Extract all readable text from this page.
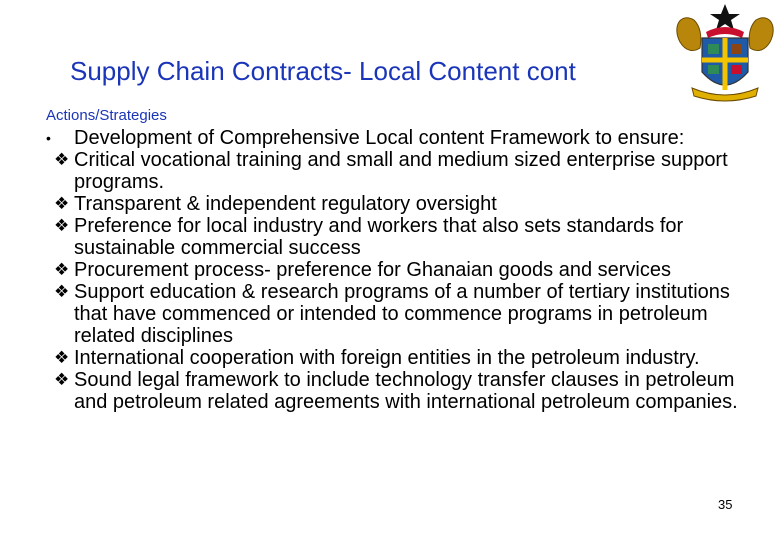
Supply Chain Contracts- Local Content cont
Actions/Strategies
• Development of Comprehensive Local content Framework to ensure:
❖ Critical vocational training and small and medium sized enterprise support programs.
❖ Transparent & independent regulatory oversight
❖ Preference for local industry and workers that also sets standards for sustainable commercial success
❖ Procurement process- preference for Ghanaian goods and services
❖ Support education & research programs of a number of tertiary institutions that have commenced or intended to commence programs in petroleum related disciplines
❖ International cooperation with foreign entities in the petroleum industry.
❖ Sound legal framework to include technology transfer clauses in petroleum and petroleum related agreements with international petroleum companies.
35
